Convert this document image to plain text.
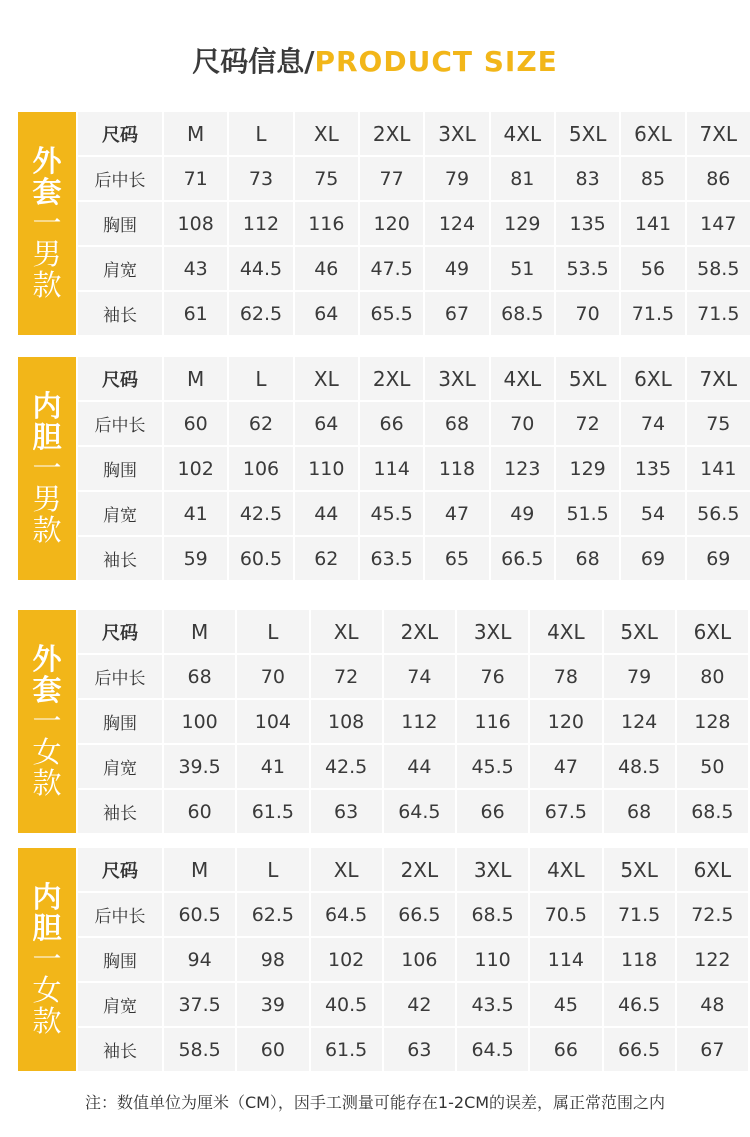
尺码信息/PRODUCT SIZE
外
套
一
男
款
尺码	M	L	XL	2XL	3XL	4XL	5XL	6XL	7XL
后中长	71	73	75	77	79	81	83	85	86
胸围	108	112	116	120	124	129	135	141	147
肩宽	43	44.5	46	47.5	49	51	53.5	56	58.5
袖长	61	62.5	64	65.5	67	68.5	70	71.5	71.5
内
胆
一
男
款
尺码	M	L	XL	2XL	3XL	4XL	5XL	6XL	7XL
后中长	60	62	64	66	68	70	72	74	75
胸围	102	106	110	114	118	123	129	135	141
肩宽	41	42.5	44	45.5	47	49	51.5	54	56.5
袖长	59	60.5	62	63.5	65	66.5	68	69	69
外
套
一
女
款
尺码	M	L	XL	2XL	3XL	4XL	5XL	6XL
后中长	68	70	72	74	76	78	79	80
胸围	100	104	108	112	116	120	124	128
肩宽	39.5	41	42.5	44	45.5	47	48.5	50
袖长	60	61.5	63	64.5	66	67.5	68	68.5
内
胆
一
女
款
尺码	M	L	XL	2XL	3XL	4XL	5XL	6XL
后中长	60.5	62.5	64.5	66.5	68.5	70.5	71.5	72.5
胸围	94	98	102	106	110	114	118	122
肩宽	37.5	39	40.5	42	43.5	45	46.5	48
袖长	58.5	60	61.5	63	64.5	66	66.5	67
注：数值单位为厘米（CM），因手工测量可能存在1-2CM的误差，属正常范围之内
